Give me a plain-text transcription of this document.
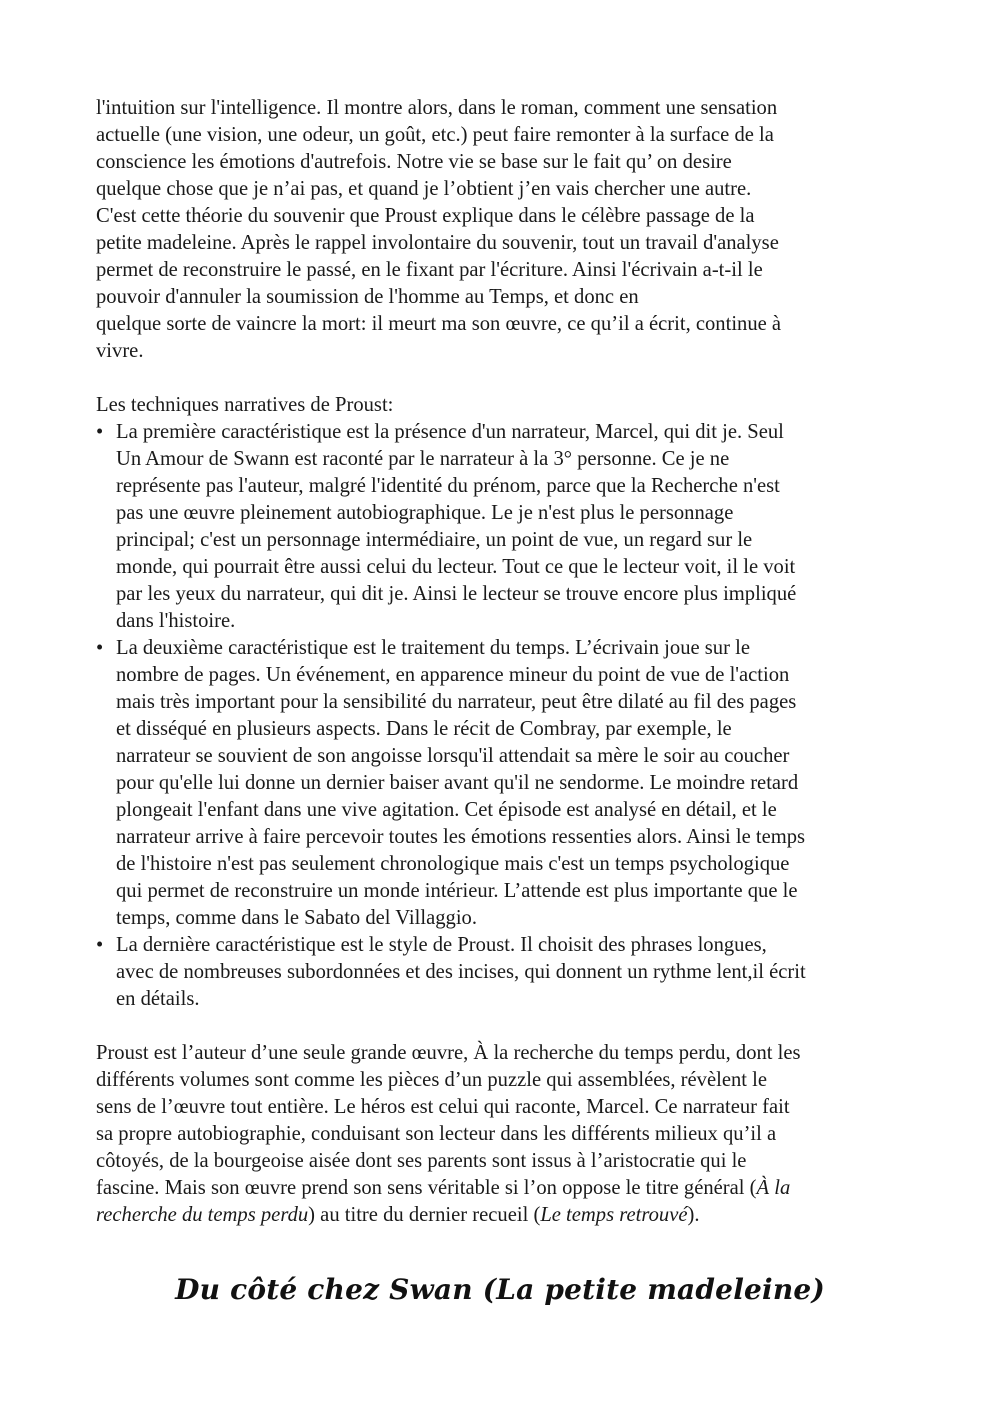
l'intuition sur l'intelligence. Il montre alors, dans le roman, comment une sensation
actuelle (une vision, une odeur, un goût, etc.) peut faire remonter à la surface de la
conscience les émotions d'autrefois. Notre vie se base sur le fait qu’ on desire
quelque chose que je n’ai pas, et quand je l’obtient j’en vais chercher une autre.
C'est cette théorie du souvenir que Proust explique dans le célèbre passage de la
petite madeleine. Après le rappel involontaire du souvenir, tout un travail d'analyse
permet de reconstruire le passé, en le fixant par l'écriture. Ainsi l'écrivain a-t-il le
pouvoir d'annuler la soumission de l'homme au Temps, et donc en
quelque sorte de vaincre la mort: il meurt ma son œuvre, ce qu’il a écrit, continue à
vivre.
Les techniques narratives de Proust:
• La première caractéristique est la présence d'un narrateur, Marcel, qui dit je. Seul
Un Amour de Swann est raconté par le narrateur à la 3° personne. Ce je ne
représente pas l'auteur, malgré l'identité du prénom, parce que la Recherche n'est
pas une œuvre pleinement autobiographique. Le je n'est plus le personnage
principal; c'est un personnage intermédiaire, un point de vue, un regard sur le
monde, qui pourrait être aussi celui du lecteur. Tout ce que le lecteur voit, il le voit
par les yeux du narrateur, qui dit je. Ainsi le lecteur se trouve encore plus impliqué
dans l'histoire.
• La deuxième caractéristique est le traitement du temps. L’écrivain joue sur le
nombre de pages. Un événement, en apparence mineur du point de vue de l'action
mais très important pour la sensibilité du narrateur, peut être dilaté au fil des pages
et disséqué en plusieurs aspects. Dans le récit de Combray, par exemple, le
narrateur se souvient de son angoisse lorsqu'il attendait sa mère le soir au coucher
pour qu'elle lui donne un dernier baiser avant qu'il ne sendorme. Le moindre retard
plongeait l'enfant dans une vive agitation. Cet épisode est analysé en détail, et le
narrateur arrive à faire percevoir toutes les émotions ressenties alors. Ainsi le temps
de l'histoire n'est pas seulement chronologique mais c'est un temps psychologique
qui permet de reconstruire un monde intérieur. L’attende est plus importante que le
temps, comme dans le Sabato del Villaggio.
• La dernière caractéristique est le style de Proust. Il choisit des phrases longues,
avec de nombreuses subordonnées et des incises, qui donnent un rythme lent,il écrit
en détails.
Proust est l’auteur d’une seule grande œuvre, À la recherche du temps perdu, dont les
différents volumes sont comme les pièces d’un puzzle qui assemblées, révèlent le
sens de l’œuvre tout entière. Le héros est celui qui raconte, Marcel. Ce narrateur fait
sa propre autobiographie, conduisant son lecteur dans les différents milieux qu’il a
côtoyés, de la bourgeoise aisée dont ses parents sont issus à l’aristocratie qui le
fascine. Mais son œuvre prend son sens véritable si l’on oppose le titre général (À la
recherche du temps perdu) au titre du dernier recueil (Le temps retrouvé).
Du côté chez Swan (La petite madeleine)
